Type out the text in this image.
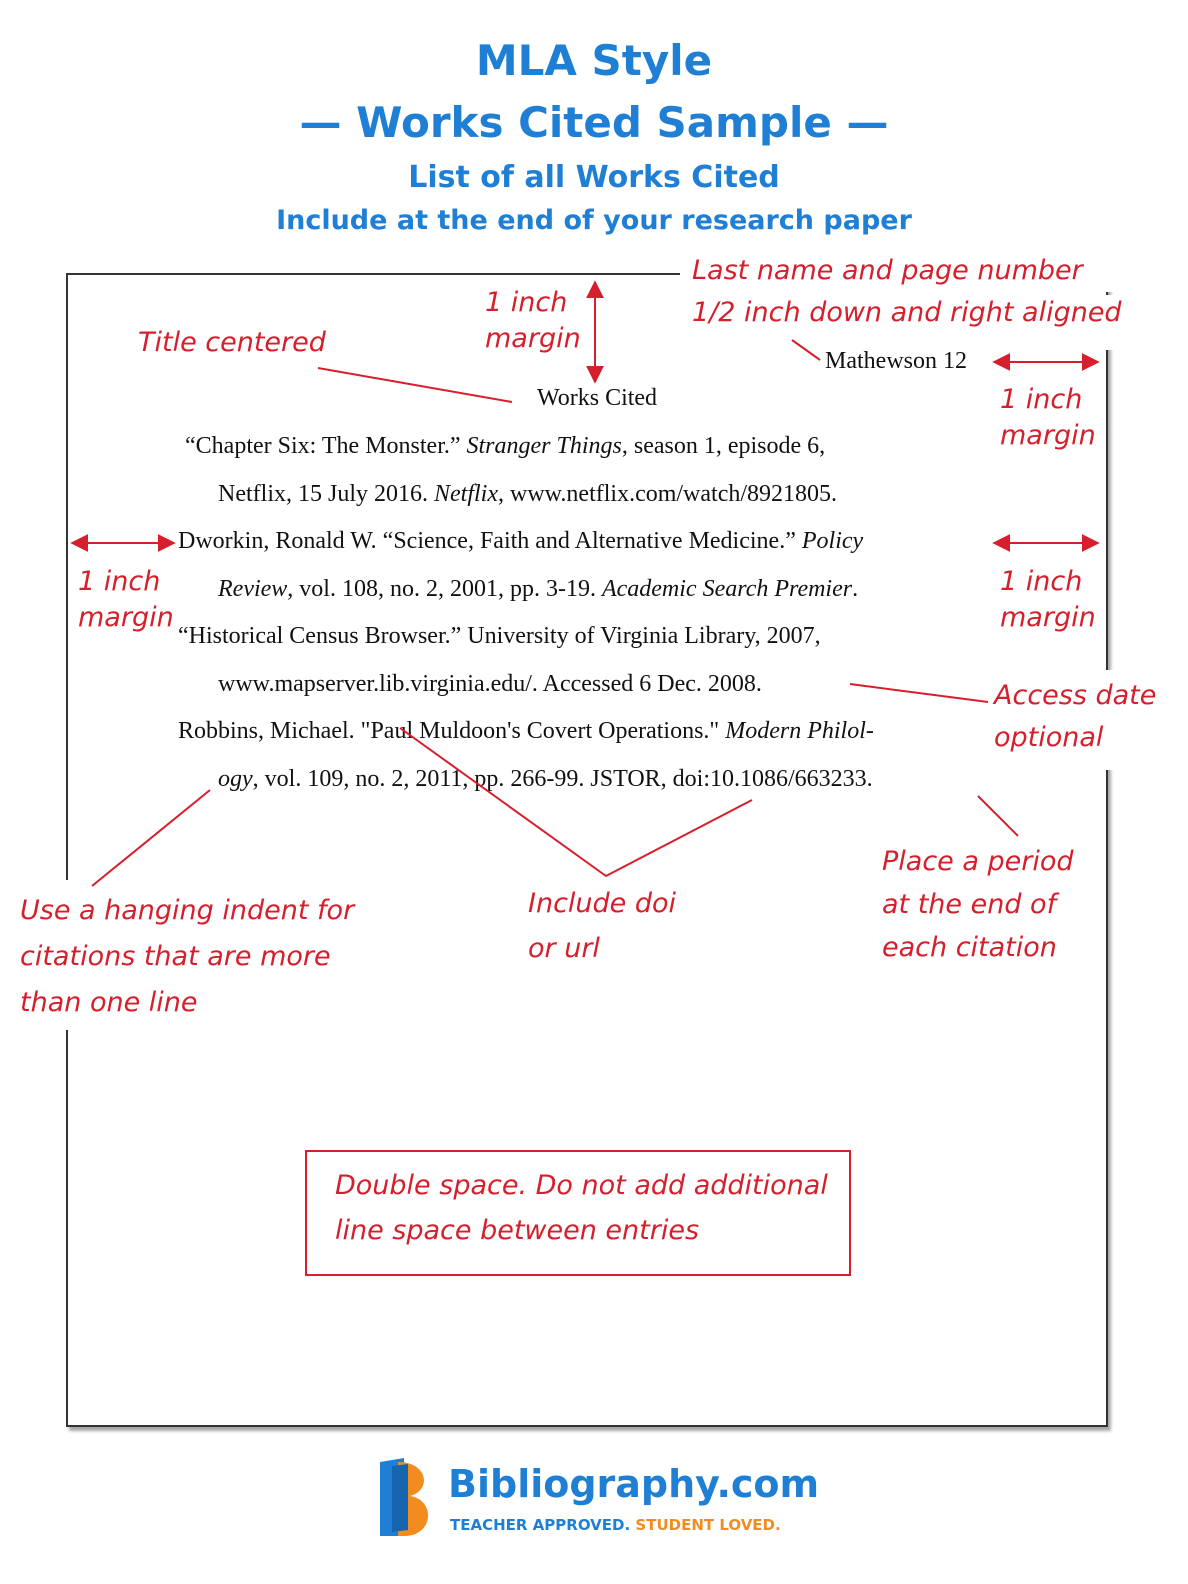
MLA Style
— Works Cited Sample —
List of all Works Cited
Include at the end of your research paper
Mathewson 12
Works Cited
“Chapter Six: The Monster.” Stranger Things, season 1, episode 6,
Netflix, 15 July 2016. Netflix, www.netflix.com/watch/8921805.
Dworkin, Ronald W. “Science, Faith and Alternative Medicine.” Policy
Review, vol. 108, no. 2, 2001, pp. 3-19. Academic Search Premier.
“Historical Census Browser.” University of Virginia Library, 2007,
www.mapserver.lib.virginia.edu/. Accessed 6 Dec. 2008.
Robbins, Michael. "Paul Muldoon's Covert Operations." Modern Philol-
ogy, vol. 109, no. 2, 2011, pp. 266-99. JSTOR, doi:10.1086/663233.
Last name and page number
1/2 inch down and right aligned
1 inch
margin
Title centered
1 inch
margin
1 inch
margin
1 inch
margin
Access date
optional
Use a hanging indent for
citations that are more
than one line
Include doi
or url
Place a period
at the end of
each citation
Double space. Do not add additional
line space between entries
Bibliography.com
TEACHER APPROVED. STUDENT LOVED.
